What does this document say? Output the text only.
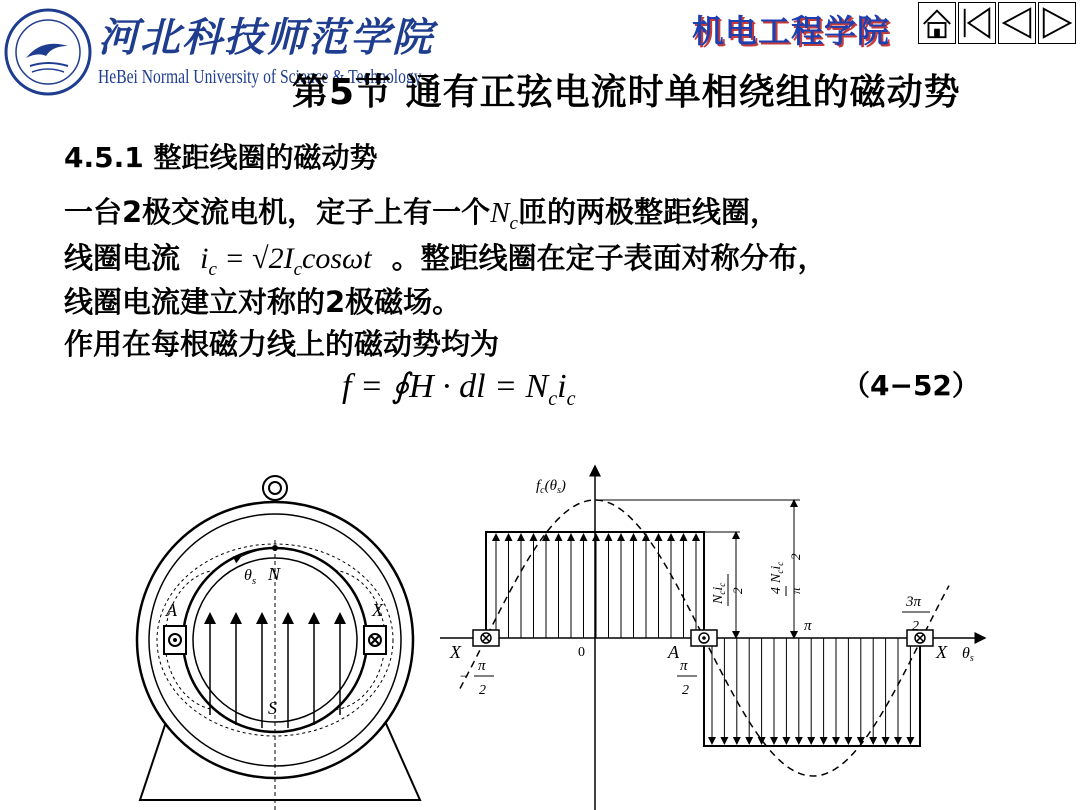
河北科技师范学院
HeBei Normal University of Science & Technology
机电工程学院
第5节 通有正弦电流时单相绕组的磁动势
4.5.1 整距线圈的磁动势
一台2极交流电机，定子上有一个$N_c$匝的两极整距线圈，
线圈电流 $i_c = √2I_c\cos\omega t$ 。整距线圈在定子表面对称分布，
线圈电流建立对称的2极磁场。
作用在每根磁力线上的磁动势均为
f = ∮H · dl = $N_ci_c$	（4−52）
$\theta_s$ N
S
A	X
$f_c(\theta_s)$
θs
0
X	A	X
−
π
2
π
2
π
3π
2
$N_ci_c$
2 $4N_ci_c$
π
2
